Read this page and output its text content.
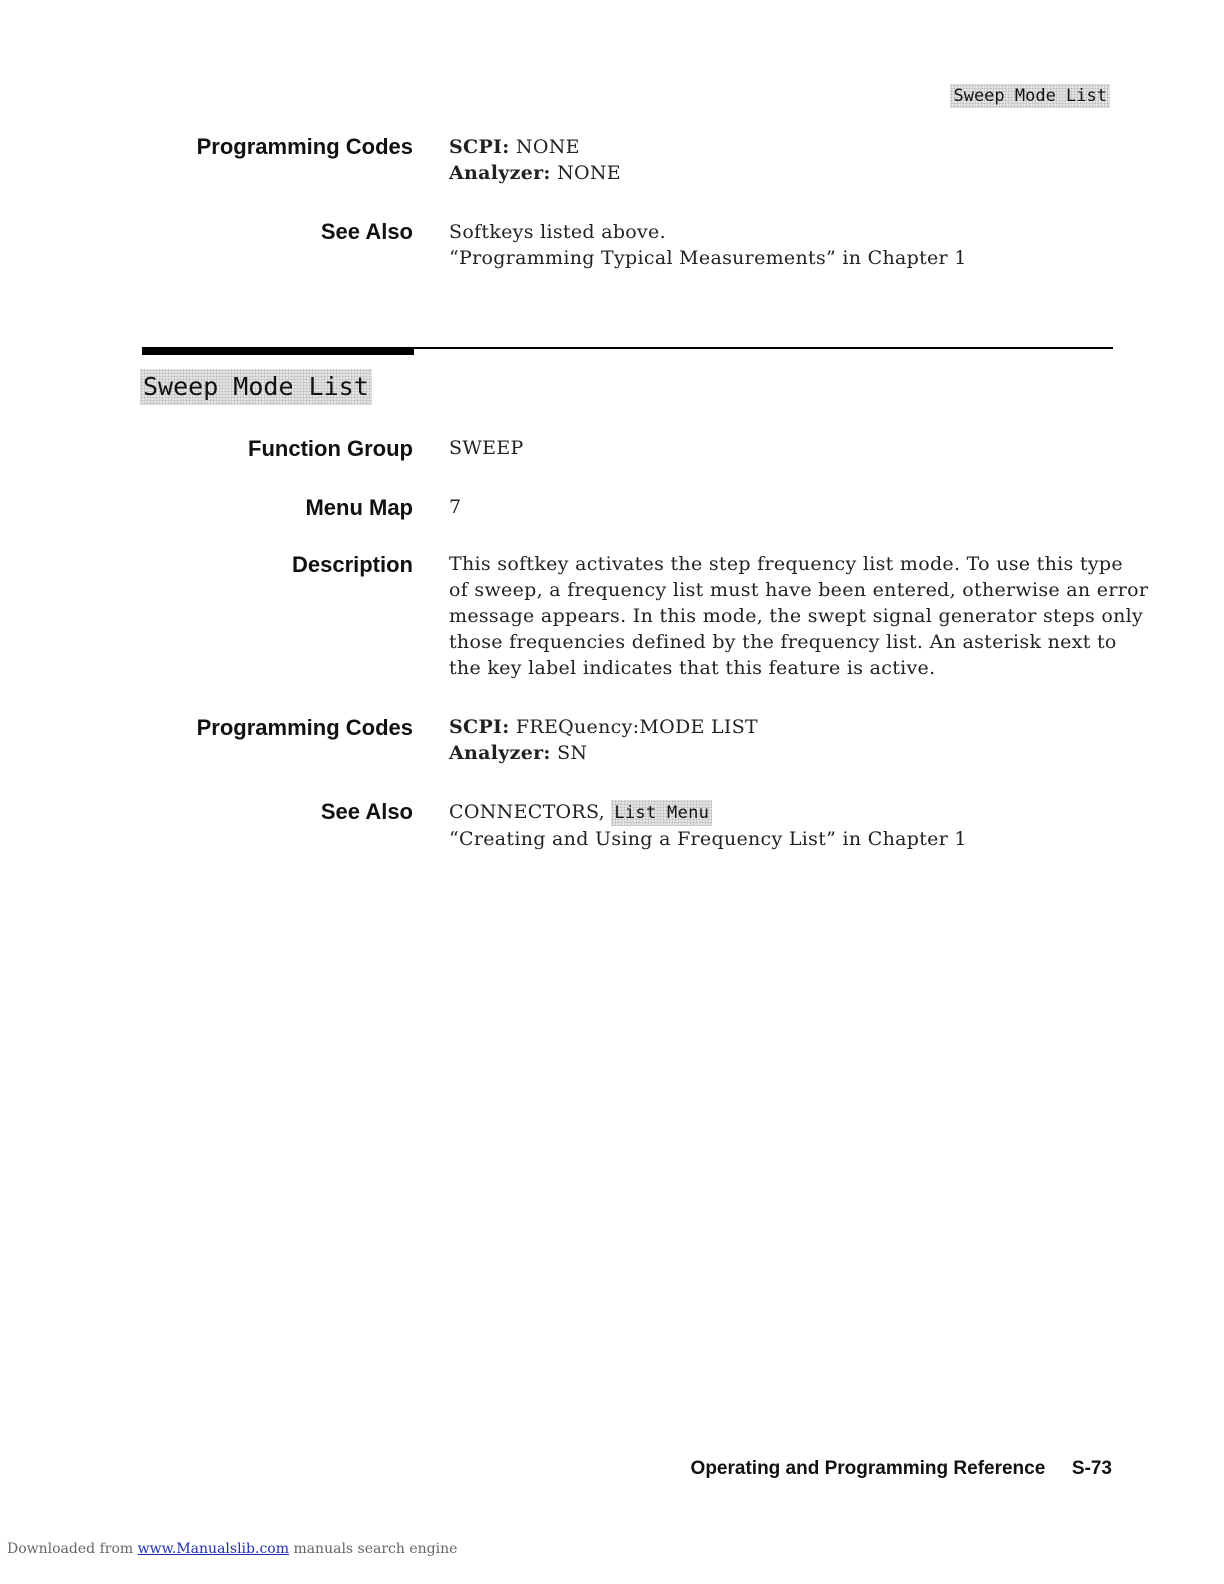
Sweep Mode List
Programming Codes SCPI: NONE
Analyzer: NONE
See Also Softkeys listed above.
“Programming Typical Measurements” in Chapter 1
Sweep Mode List
Function Group SWEEP
Menu Map 7
Description This softkey activates the step frequency list mode. To use this type
of sweep, a frequency list must have been entered, otherwise an error
message appears. In this mode, the swept signal generator steps only
those frequencies defined by the frequency list. An asterisk next to
the key label indicates that this feature is active.
Programming Codes SCPI: FREQuency:MODE LIST
Analyzer: SN
See Also CONNECTORS, List Menu
“Creating and Using a Frequency List” in Chapter 1
Operating and Programming Reference S-73
Downloaded from www.Manualslib.com manuals search engine
